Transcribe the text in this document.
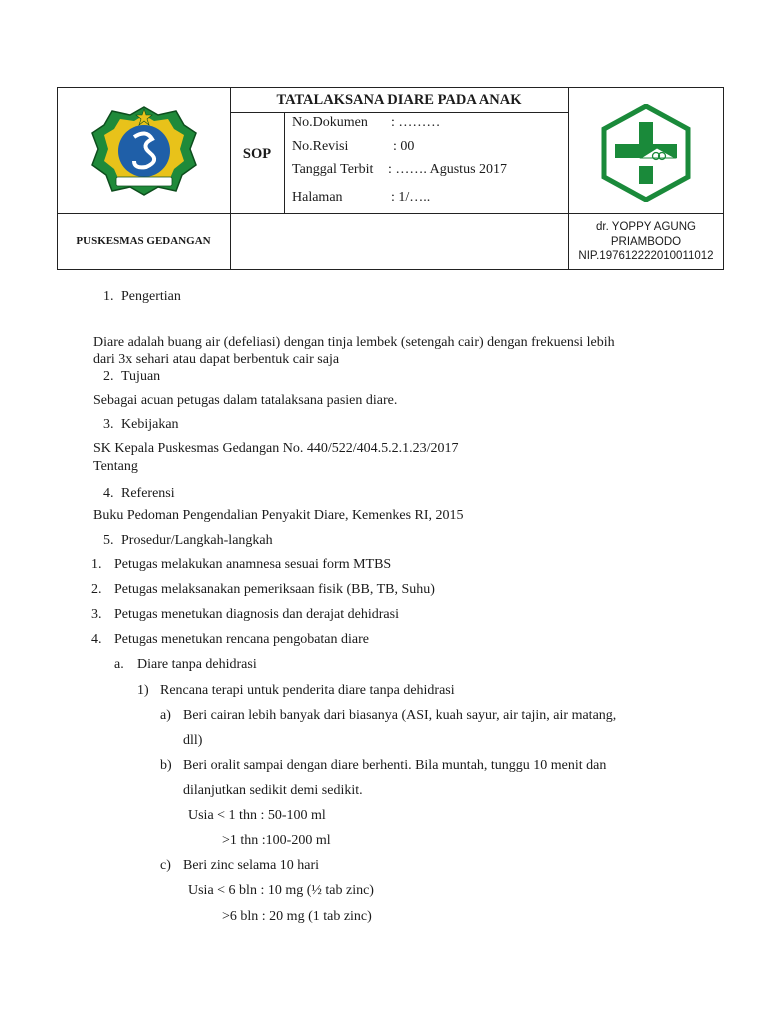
TATALAKSANA DIARE PADA ANAK
SOP
No.Dokumen : ………
No.Revisi	: 00
Tanggal Terbit : ……. Agustus 2017
Halaman	: 1/…..
PUSKESMAS GEDANGAN
dr. YOPPY AGUNG
PRIAMBODO
NIP.197612222010011012
1. Pengertian
Diare adalah buang air (defeliasi) dengan tinja lembek (setengah cair) dengan frekuensi lebih
dari 3x sehari atau dapat berbentuk cair saja
2. Tujuan
Sebagai acuan petugas dalam tatalaksana pasien diare.
3. Kebijakan
SK Kepala Puskesmas Gedangan No. 440/522/404.5.2.1.23/2017
Tentang
4. Referensi
Buku Pedoman Pengendalian Penyakit Diare, Kemenkes RI, 2015
5. Prosedur/Langkah-langkah
1. Petugas melakukan anamnesa sesuai form MTBS
2. Petugas melaksanakan pemeriksaan fisik (BB, TB, Suhu)
3. Petugas menetukan diagnosis dan derajat dehidrasi
4. Petugas menetukan rencana pengobatan diare
a. Diare tanpa dehidrasi
1) Rencana terapi untuk penderita diare tanpa dehidrasi
a) Beri cairan lebih banyak dari biasanya (ASI, kuah sayur, air tajin, air matang,
dll)
b) Beri oralit sampai dengan diare berhenti. Bila muntah, tunggu 10 menit dan
dilanjutkan sedikit demi sedikit.
Usia < 1 thn : 50-100 ml
>1 thn :100-200 ml
c) Beri zinc selama 10 hari
Usia < 6 bln : 10 mg (½ tab zinc)
>6 bln : 20 mg (1 tab zinc)
